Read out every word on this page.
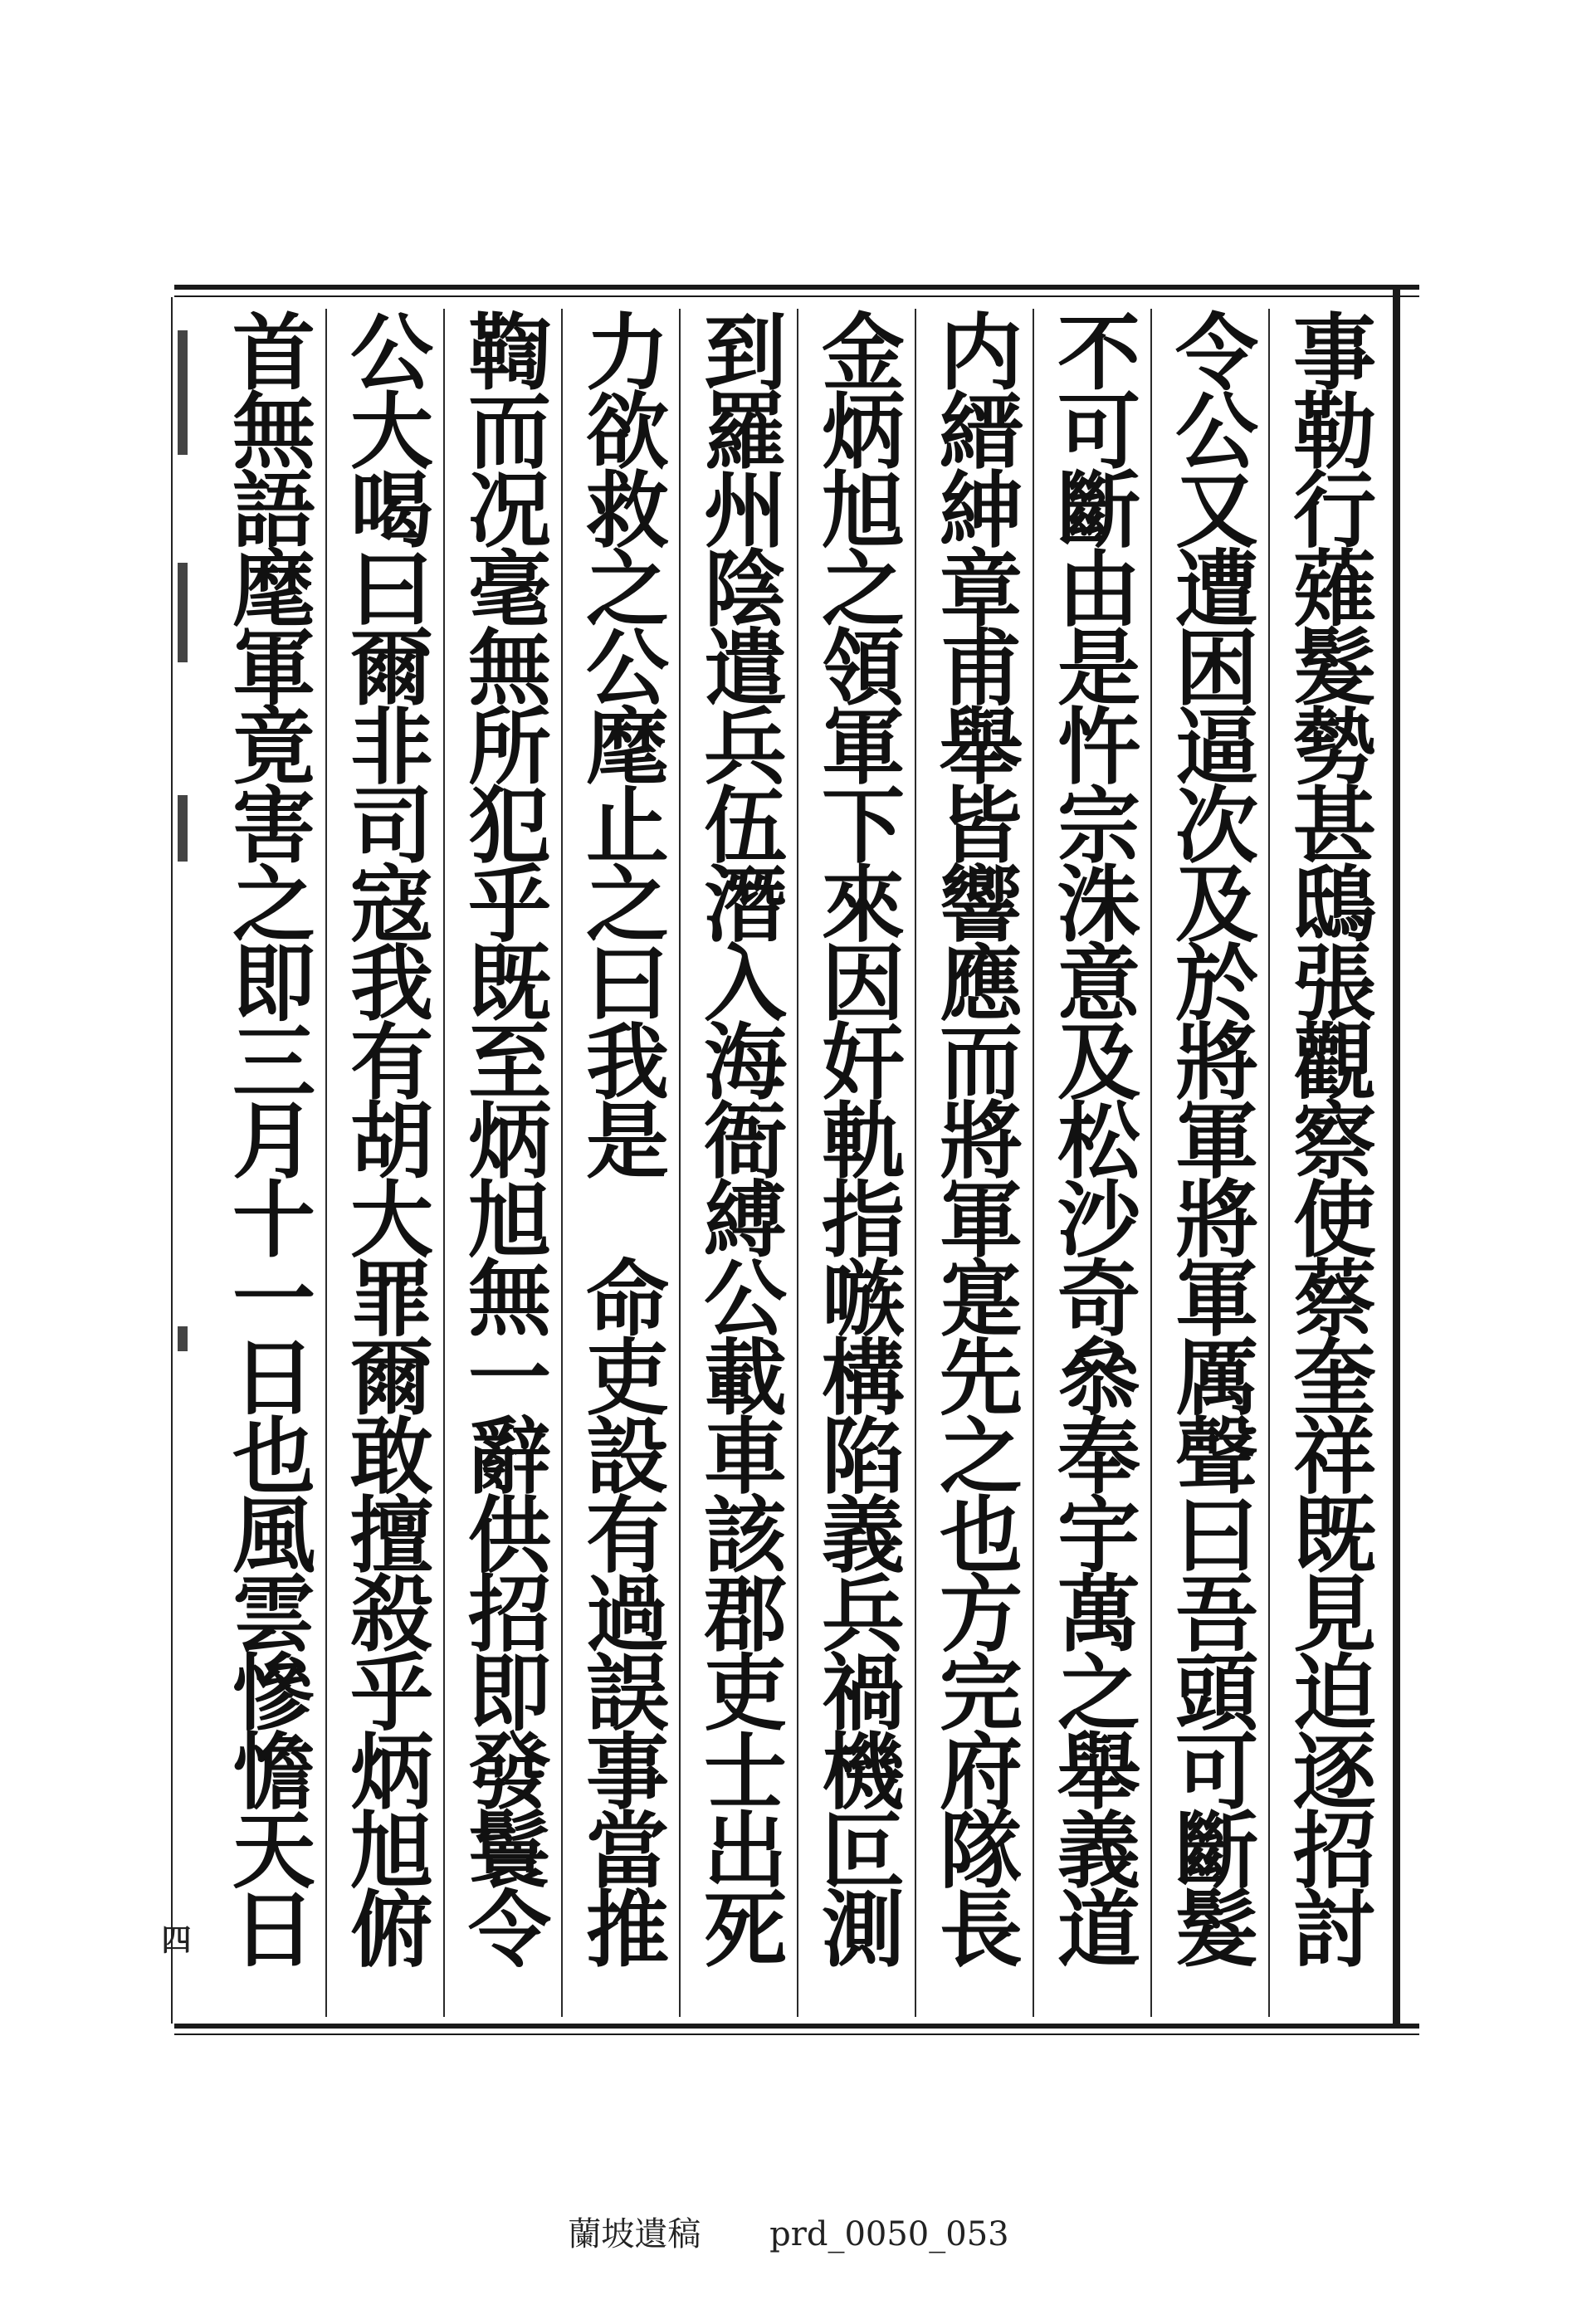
四	事勒行薙髮勢甚鴟張觀察使蔡奎祥既見迫逐招討
令公又遭困逼次及於將軍將軍厲聲曰吾頭可斷髮
不可斷由是忤宗洙意及松沙奇叅奉宇萬之舉義道
内縉紳章甫舉皆響應而將軍寔先之也方完府隊長
金炳旭之領軍下來因奸軌指嗾構陷義兵禍機叵測
到羅州陰遣兵伍潛入海衙縛公載車該郡吏士出死
力欲救之公麾止之曰我是　命吏設有過誤事當推
鞫而况毫無所犯乎既至炳旭無一辭供招即發鬟令
公大喝曰爾非司寇我有胡大罪爾敢擅殺乎炳旭俯
首無語麾軍竟害之即三月十一日也風雲慘憺天日
蘭坡遺稿 prd_0050_053
